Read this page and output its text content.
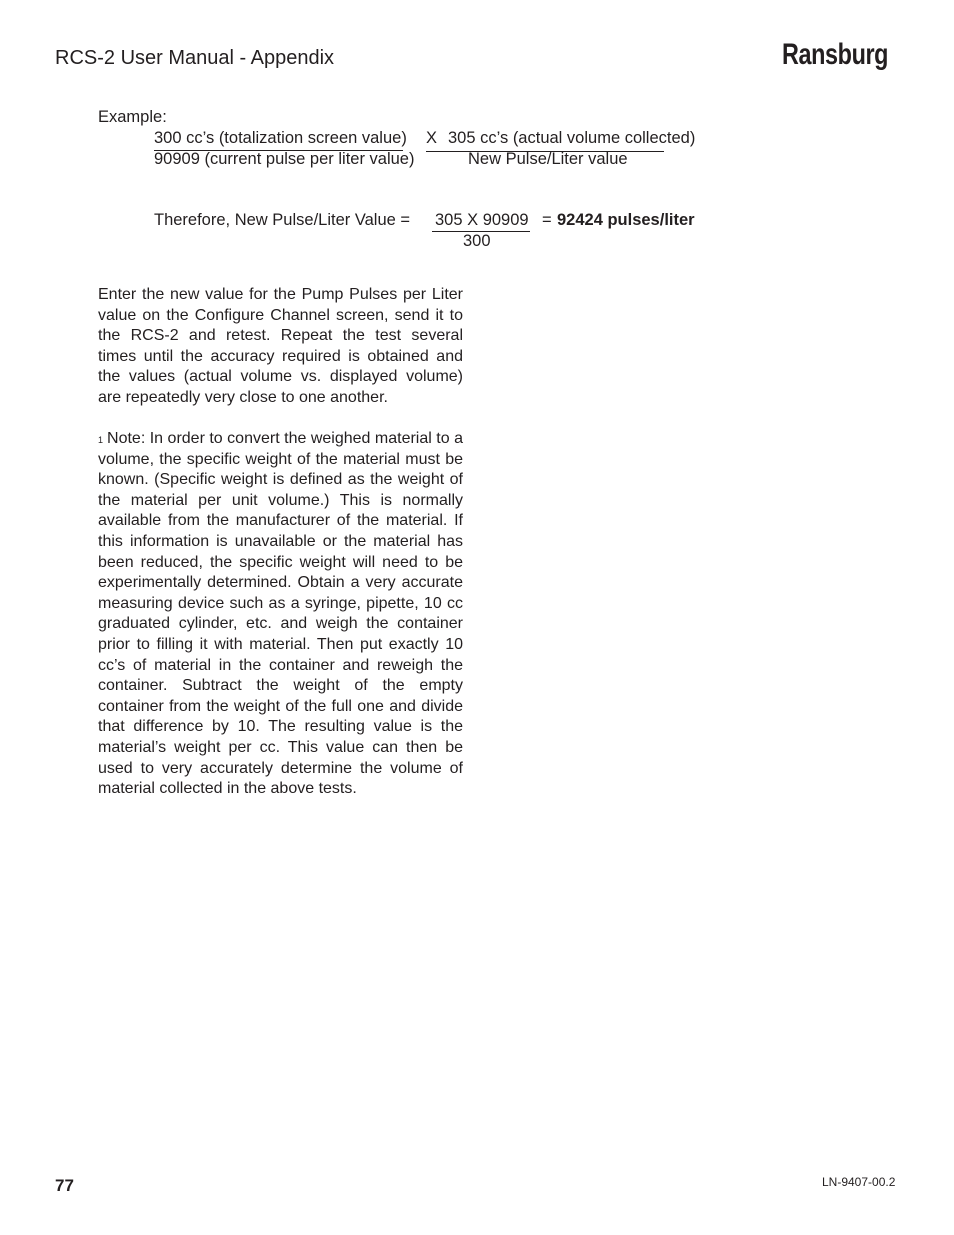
RCS-2 User Manual - Appendix	Ransburg
Example:
300 cc’s (totalization screen value) X 305 cc’s (actual volume collected)
90909 (current pulse per liter value)	New Pulse/Liter value
Therefore, New Pulse/Liter Value = 305 X 90909
300
= 92424 pulses/liter
Enter the new value for the Pump Pulses per Liter value on the Configure Channel screen, send it to the RCS-2 and retest. Repeat the test several times until the accuracy required is obtained and the values (actual volume vs. displayed volume) are repeatedly very close to one another.
$^1$ Note: In order to convert the weighed material to a volume, the specific weight of the material must be known. (Specific weight is defined as the weight of the material per unit volume.) This is normally available from the manufacturer of the material. If this information is unavailable or the material has been reduced, the specific weight will need to be experimentally determined. Obtain a very accurate measuring device such as a syringe, pipette, 10 cc graduated cylinder, etc. and weigh the container prior to filling it with material. Then put exactly 10 cc’s of material in the container and reweigh the container. Subtract the weight of the empty container from the weight of the full one and divide that difference by 10. The resulting value is the material’s weight per cc. This value can then be used to very accurately determine the volume of material collected in the above tests.
77	LN-9407-00.2
